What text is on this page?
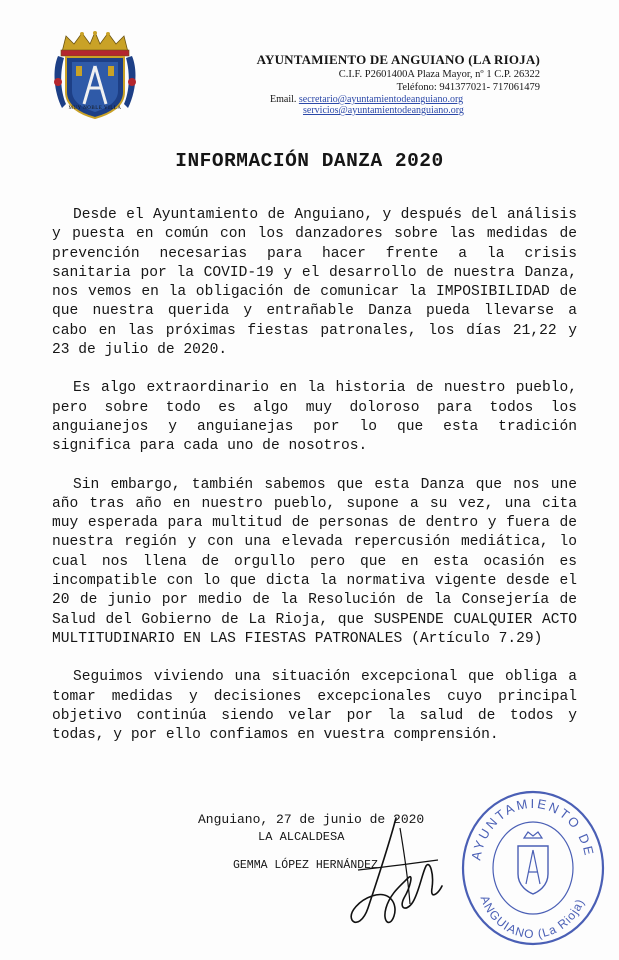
MUY NOBLE VILLA
AYUNTAMIENTO DE ANGUIANO (LA RIOJA)
C.I.F. P2601400A Plaza Mayor, nº 1 C.P. 26322
Teléfono: 941377021- 717061479
Email. secretario@ayuntamientodeanguiano.org
servicios@ayuntamientodeanguiano.org
INFORMACIÓN DANZA 2020

Desde el Ayuntamiento de Anguiano, y después del análisis y puesta en común con los danzadores sobre las medidas de prevención necesarias para hacer frente a la crisis sanitaria por la COVID-19 y el desarrollo de nuestra Danza, nos vemos en la obligación de comunicar la IMPOSIBILIDAD de que nuestra querida y entrañable Danza pueda llevarse a cabo en las próximas fiestas patronales, los días 21,22 y 23 de julio de 2020.

Es algo extraordinario en la historia de nuestro pueblo, pero sobre todo es algo muy doloroso para todos los anguianejos y anguianejas por lo que esta tradición significa para cada uno de nosotros.

Sin embargo, también sabemos que esta Danza que nos une año tras año en nuestro pueblo, supone a su vez, una cita muy esperada para multitud de personas de dentro y fuera de nuestra región y con una elevada repercusión mediática, lo cual nos llena de orgullo pero que en esta ocasión es incompatible con lo que dicta la normativa vigente desde el 20 de junio por medio de la Resolución de la Consejería de Salud del Gobierno de La Rioja, que SUSPENDE CUALQUIER ACTO MULTITUDINARIO EN LAS FIESTAS PATRONALES (Artículo 7.29)

Seguimos viviendo una situación excepcional que obliga a tomar medidas y decisiones excepcionales cuyo principal objetivo continúa siendo velar por la salud de todos y todas, y por ello confiamos en vuestra comprensión.

Anguiano, 27 de junio de 2020
LA ALCALDESA
GEMMA LÓPEZ HERNÁNDEZ
AYUNTAMIENTO DE
ANGUIANO (La Rioja)
